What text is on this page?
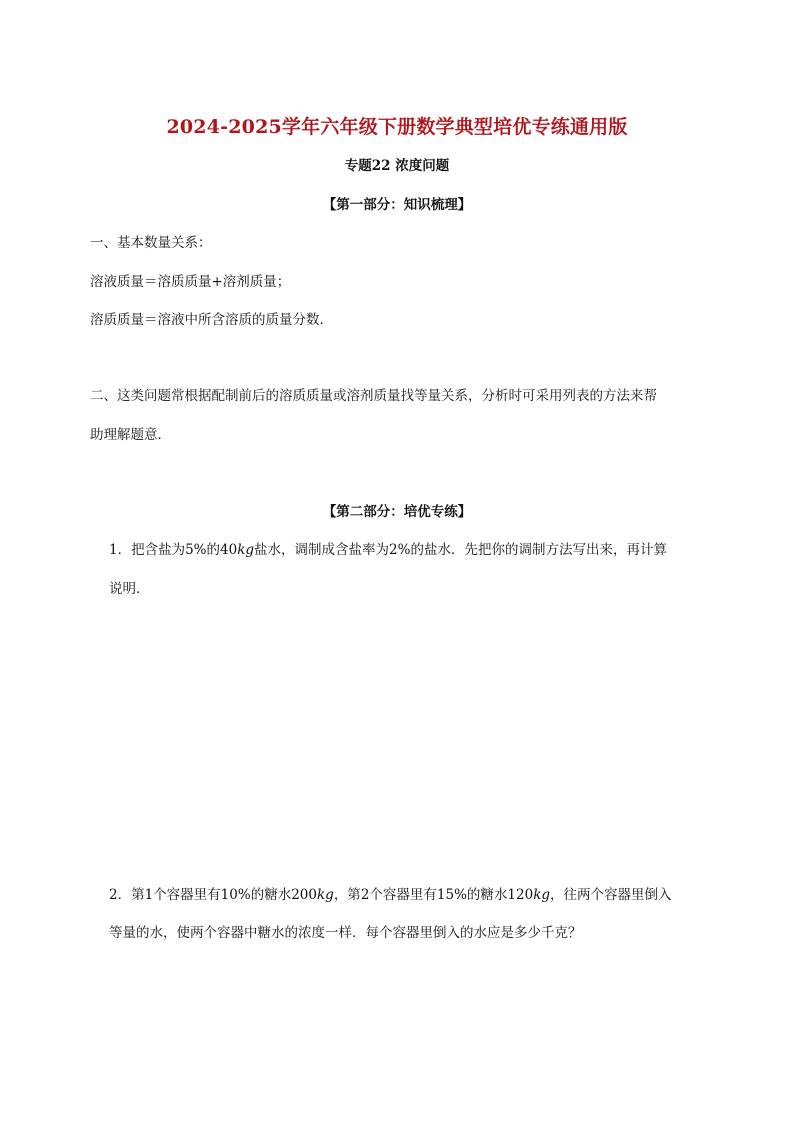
2024-2025学年六年级下册数学典型培优专练通用版
专题22 浓度问题
【第一部分：知识梳理】
一、基本数量关系：
溶液质量＝溶质质量+溶剂质量；
溶质质量＝溶液中所含溶质的质量分数．
二、这类问题常根据配制前后的溶质质量或溶剂质量找等量关系，分析时可采用列表的方法来帮
助理解题意．
【第二部分：培优专练】
1．把含盐为5%的40kg盐水，调制成含盐率为2%的盐水．先把你的调制方法写出来，再计算
说明．
2．第1个容器里有10%的糖水200kg，第2个容器里有15%的糖水120kg，往两个容器里倒入
等量的水，使两个容器中糖水的浓度一样．每个容器里倒入的水应是多少千克？
